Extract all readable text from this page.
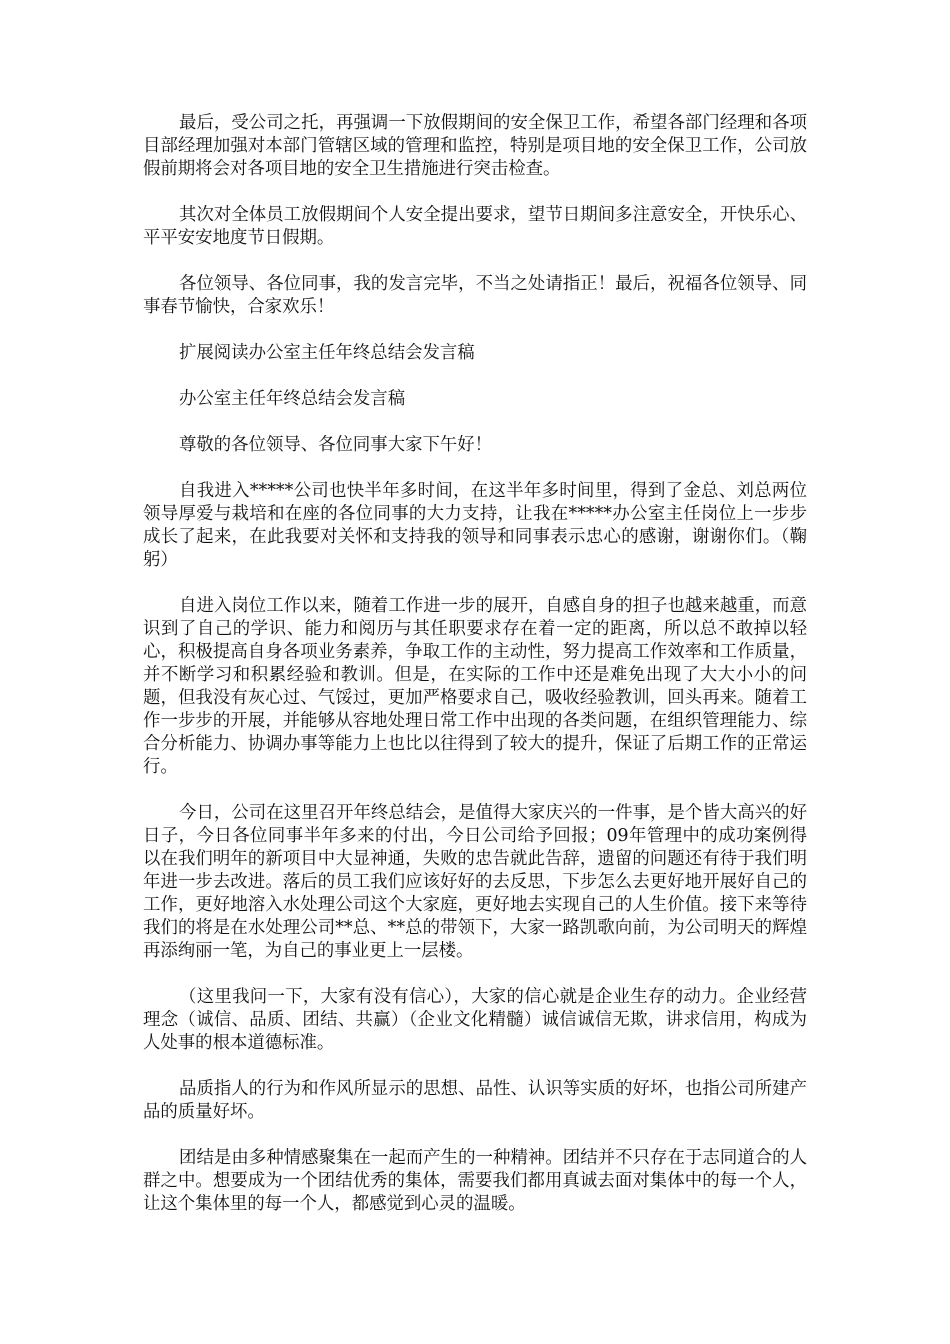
最后，受公司之托，再强调一下放假期间的安全保卫工作，希望各部门经理和各项目部经理加强对本部门管辖区域的管理和监控，特别是项目地的安全保卫工作，公司放假前期将会对各项目地的安全卫生措施进行突击检查。

其次对全体员工放假期间个人安全提出要求，望节日期间多注意安全，开快乐心、平平安安地度节日假期。

各位领导、各位同事，我的发言完毕，不当之处请指正！最后，祝福各位领导、同事春节愉快，合家欢乐！

扩展阅读办公室主任年终总结会发言稿

办公室主任年终总结会发言稿

尊敬的各位领导、各位同事大家下午好！

自我进入*****公司也快半年多时间，在这半年多时间里，得到了金总、刘总两位领导厚爱与栽培和在座的各位同事的大力支持，让我在*****办公室主任岗位上一步步成长了起来，在此我要对关怀和支持我的领导和同事表示忠心的感谢，谢谢你们。（鞠躬）

自进入岗位工作以来，随着工作进一步的展开，自感自身的担子也越来越重，而意识到了自己的学识、能力和阅历与其任职要求存在着一定的距离，所以总不敢掉以轻心，积极提高自身各项业务素养，争取工作的主动性，努力提高工作效率和工作质量，并不断学习和积累经验和教训。但是，在实际的工作中还是难免出现了大大小小的问题，但我没有灰心过、气馁过，更加严格要求自己，吸收经验教训，回头再来。随着工作一步步的开展，并能够从容地处理日常工作中出现的各类问题，在组织管理能力、综合分析能力、协调办事等能力上也比以往得到了较大的提升，保证了后期工作的正常运行。

今日，公司在这里召开年终总结会，是值得大家庆兴的一件事，是个皆大高兴的好日子，今日各位同事半年多来的付出，今日公司给予回报；09年管理中的成功案例得以在我们明年的新项目中大显神通，失败的忠告就此告辞，遗留的问题还有待于我们明年进一步去改进。落后的员工我们应该好好的去反思，下步怎么去更好地开展好自己的工作，更好地溶入水处理公司这个大家庭，更好地去实现自己的人生价值。接下来等待我们的将是在水处理公司**总、**总的带领下，大家一路凯歌向前，为公司明天的辉煌再添绚丽一笔，为自己的事业更上一层楼。

（这里我问一下，大家有没有信心），大家的信心就是企业生存的动力。企业经营理念（诚信、品质、团结、共赢）（企业文化精髓）诚信诚信无欺，讲求信用，构成为人处事的根本道德标准。

品质指人的行为和作风所显示的思想、品性、认识等实质的好坏，也指公司所建产品的质量好坏。

团结是由多种情感聚集在一起而产生的一种精神。团结并不只存在于志同道合的人群之中。想要成为一个团结优秀的集体，需要我们都用真诚去面对集体中的每一个人，让这个集体里的每一个人，都感觉到心灵的温暖。
